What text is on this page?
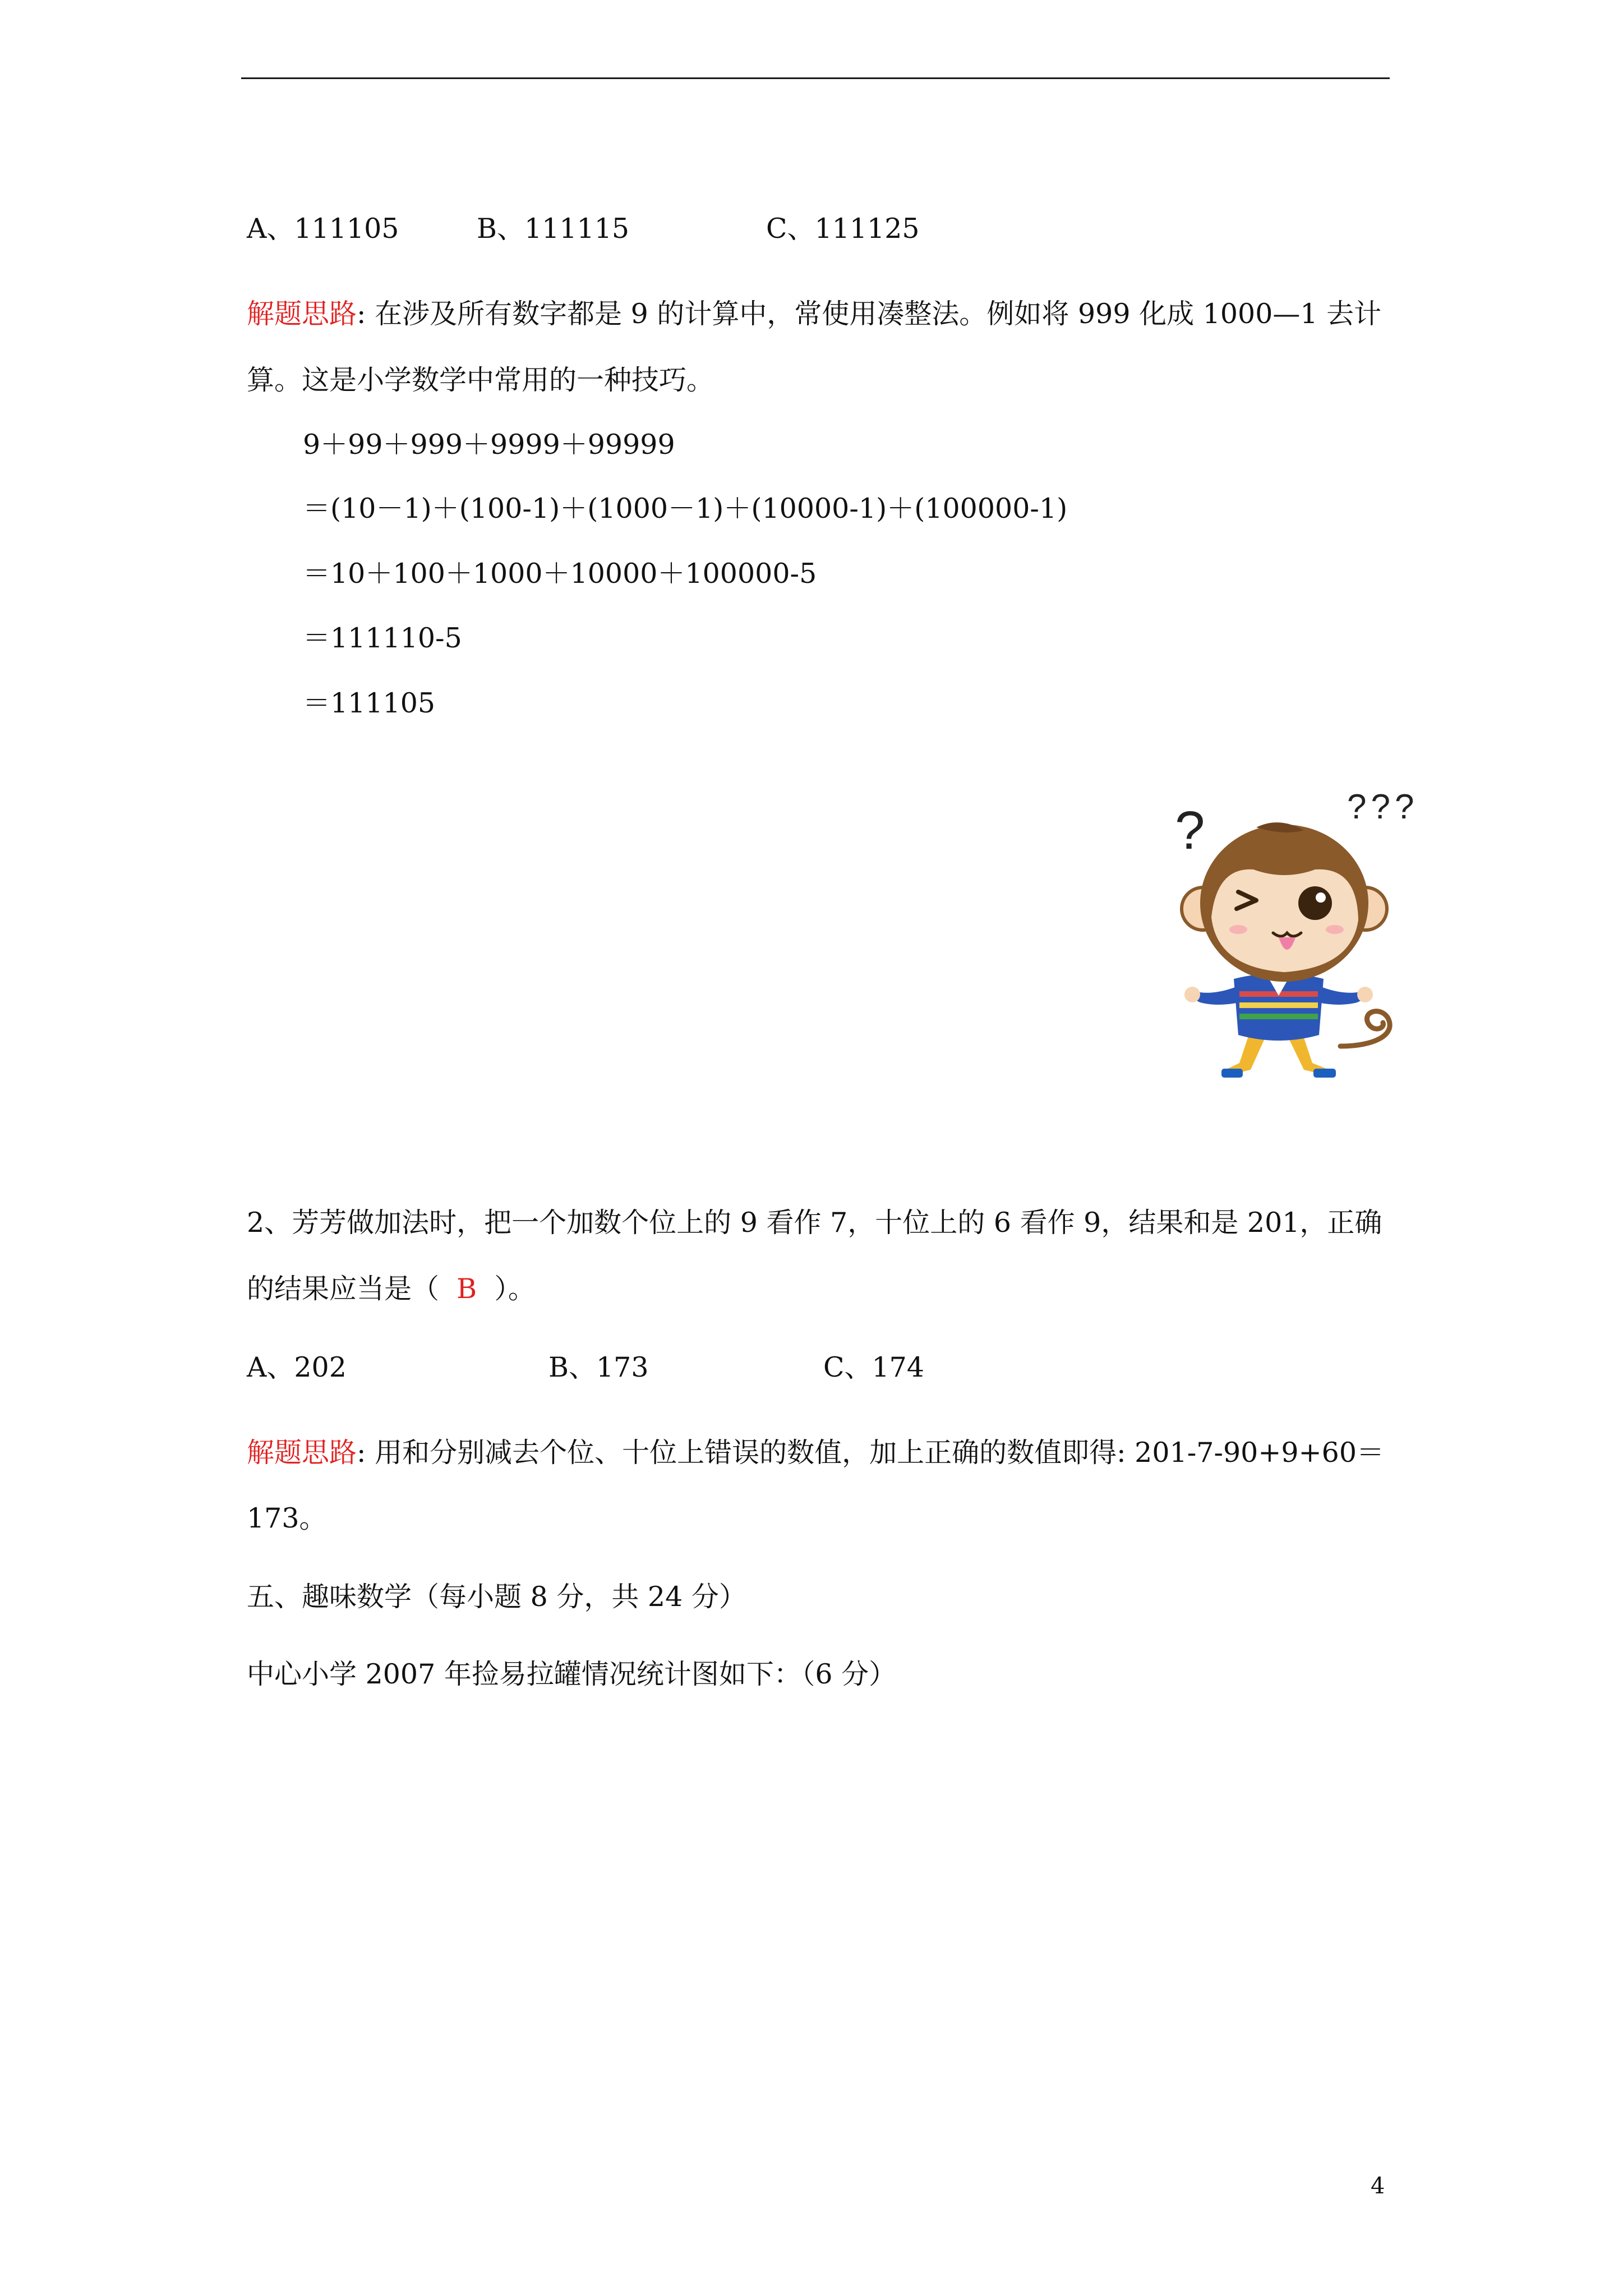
A、111105	B、111115	C、111125
解题思路: 在涉及所有数字都是 9 的计算中，常使用凑整法。例如将 999 化成 1000—1 去计
算。这是小学数学中常用的一种技巧。
9＋99＋999＋9999＋99999
＝(10－1)＋(100-1)＋(1000－1)＋(10000-1)＋(100000-1)
＝10＋100＋1000＋10000＋100000-5
＝111110-5
＝111105
?	???
2、芳芳做加法时，把一个加数个位上的 9 看作 7，十位上的 6 看作 9，结果和是 201，正确
的结果应当是（  B  ）。
A、202	B、173	C、174
解题思路: 用和分别减去个位、十位上错误的数值，加上正确的数值即得: 201-7-90+9+60＝
173。
五、趣味数学（每小题 8 分，共 24 分）
中心小学 2007 年捡易拉罐情况统计图如下：（6 分）
4
